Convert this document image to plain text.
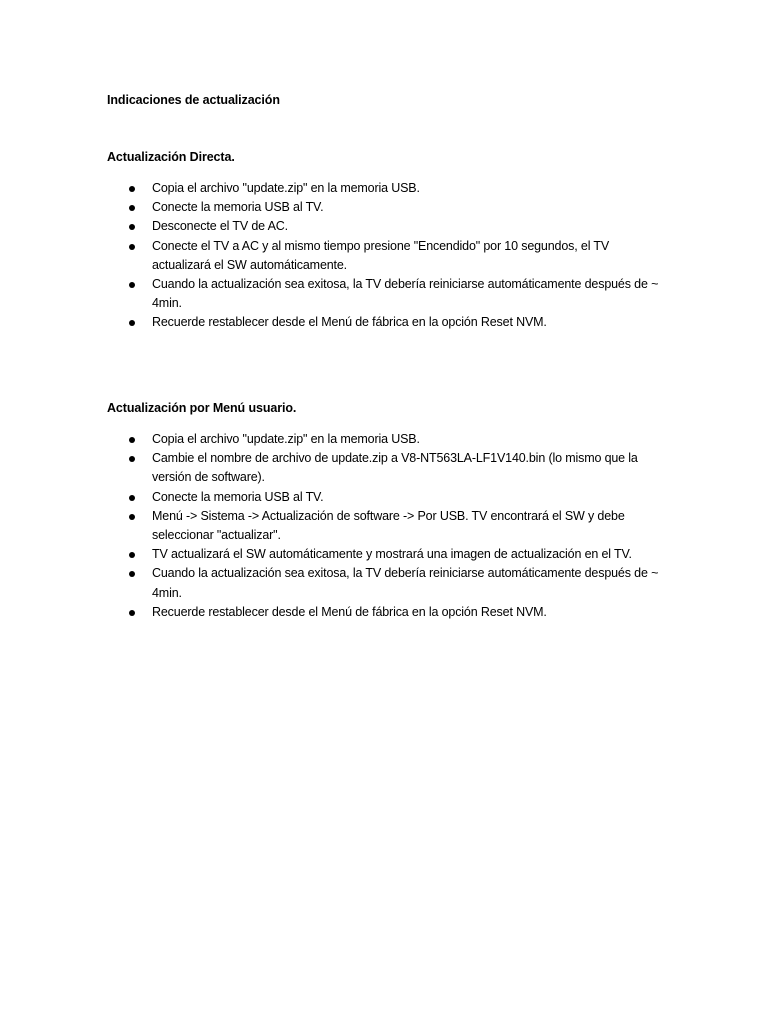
Indicaciones de actualización
Actualización Directa.
Copia el archivo "update.zip" en la memoria USB.
Conecte la memoria USB al TV.
Desconecte el TV de AC.
Conecte el TV a AC y al mismo tiempo presione "Encendido" por 10 segundos, el TV actualizará el SW automáticamente.
Cuando la actualización sea exitosa, la TV debería reiniciarse automáticamente después de ~ 4min.
Recuerde restablecer desde el Menú de fábrica en la opción Reset NVM.
Actualización por Menú usuario.
Copia el archivo "update.zip" en la memoria USB.
Cambie el nombre de archivo de update.zip a V8-NT563LA-LF1V140.bin (lo mismo que la versión de software).
Conecte la memoria USB al TV.
Menú -> Sistema -> Actualización de software -> Por USB. TV encontrará el SW y debe seleccionar "actualizar".
TV actualizará el SW automáticamente y mostrará una imagen de actualización en el TV.
Cuando la actualización sea exitosa, la TV debería reiniciarse automáticamente después de ~ 4min.
Recuerde restablecer desde el Menú de fábrica en la opción Reset NVM.
